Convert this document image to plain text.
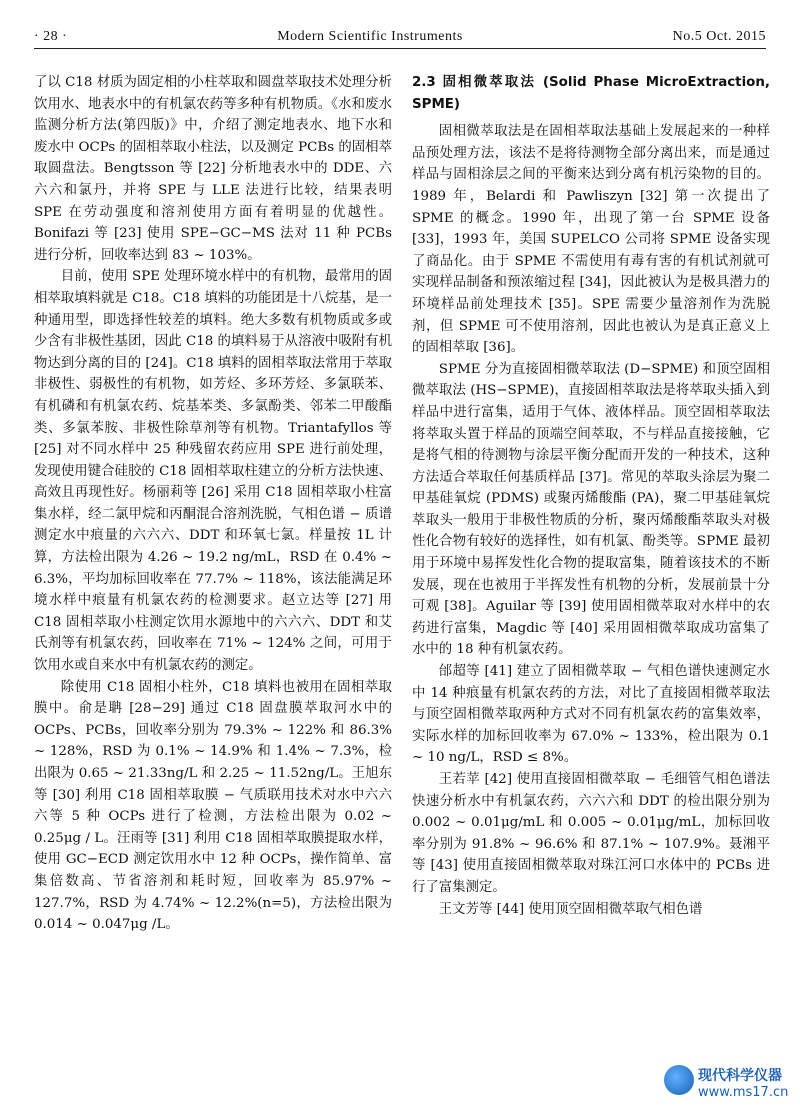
· 28 ·	Modern Scientific Instruments	No.5 Oct. 2015

了以 C18 材质为固定相的小柱萃取和圆盘萃取技术处理分析饮用水、地表水中的有机氯农药等多种有机物质。《水和废水监测分析方法(第四版)》中，介绍了测定地表水、地下水和废水中 OCPs 的固相萃取小柱法，以及测定 PCBs 的固相萃取圆盘法。Bengtsson 等 [22] 分析地表水中的 DDE、六六六和氯丹，并将 SPE 与 LLE 法进行比较，结果表明 SPE 在劳动强度和溶剂使用方面有着明显的优越性。Bonifazi 等 [23] 使用 SPE−GC−MS 法对 11 种 PCBs 进行分析，回收率达到 83 ~ 103%。

目前，使用 SPE 处理环境水样中的有机物，最常用的固相萃取填料就是 C18。C18 填料的功能团是十八烷基，是一种通用型，即选择性较差的填料。绝大多数有机物质或多或少含有非极性基团，因此 C18 的填料易于从溶液中吸附有机物达到分离的目的 [24]。C18 填料的固相萃取法常用于萃取非极性、弱极性的有机物，如芳烃、多环芳烃、多氯联苯、有机磷和有机氯农药、烷基苯类、多氯酚类、邻苯二甲酸酯类、多氯苯胺、非极性除草剂等有机物。Triantafyllos 等 [25] 对不同水样中 25 种残留农药应用 SPE 进行前处理，发现使用键合硅胶的 C18 固相萃取柱建立的分析方法快速、高效且再现性好。杨丽莉等 [26] 采用 C18 固相萃取小柱富集水样，经二氯甲烷和丙酮混合溶剂洗脱，气相色谱 − 质谱测定水中痕量的六六六、DDT 和环氧七氯。样量按 1L 计算，方法检出限为 4.26 ~ 19.2 ng/mL，RSD 在 0.4% ~ 6.3%，平均加标回收率在 77.7% ~ 118%，该法能满足环境水样中痕量有机氯农药的检测要求。赵立达等 [27] 用 C18 固相萃取小柱测定饮用水源地中的六六六、DDT 和艾氏剂等有机氯农药，回收率在 71% ~ 124% 之间，可用于饮用水或自来水中有机氯农药的测定。

除使用 C18 固相小柱外，C18 填料也被用在固相萃取膜中。俞是聃 [28−29] 通过 C18 固盘膜萃取河水中的 OCPs、PCBs，回收率分别为 79.3% ~ 122% 和 86.3% ~ 128%，RSD 为 0.1% ~ 14.9% 和 1.4% ~ 7.3%，检出限为 0.65 ~ 21.33ng/L 和 2.25 ~ 11.52ng/L。王旭东等 [30] 利用 C18 固相萃取膜 − 气质联用技术对水中六六六等 5 种 OCPs 进行了检测，方法检出限为 0.02 ~ 0.25μg / L。汪雨等 [31] 利用 C18 固相萃取膜提取水样，使用 GC−ECD 测定饮用水中 12 种 OCPs，操作简单、富集倍数高、节省溶剂和耗时短，回收率为 85.97% ~ 127.7%，RSD 为 4.74% ~ 12.2%(n=5)，方法检出限为 0.014 ~ 0.047μg /L。

2.3 固相微萃取法 (Solid Phase MicroExtraction, SPME)

固相微萃取法是在固相萃取法基础上发展起来的一种样品预处理方法，该法不是将待测物全部分离出来，而是通过样品与固相涂层之间的平衡来达到分离有机污染物的目的。1989 年，Belardi 和 Pawliszyn [32] 第一次提出了 SPME 的概念。1990 年，出现了第一台 SPME 设备 [33]，1993 年，美国 SUPELCO 公司将 SPME 设备实现了商品化。由于 SPME 不需使用有毒有害的有机试剂就可实现样品制备和预浓缩过程 [34]，因此被认为是极具潜力的环境样品前处理技术 [35]。SPE 需要少量溶剂作为洗脱剂，但 SPME 可不使用溶剂，因此也被认为是真正意义上的固相萃取 [36]。

SPME 分为直接固相微萃取法 (D−SPME) 和顶空固相微萃取法 (HS−SPME)，直接固相萃取法是将萃取头插入到样品中进行富集，适用于气体、液体样品。顶空固相萃取法将萃取头置于样品的顶端空间萃取，不与样品直接接触，它是将气相的待测物与涂层平衡分配而开发的一种技术，这种方法适合萃取任何基质样品 [37]。常见的萃取头涂层为聚二甲基硅氧烷 (PDMS) 或聚丙烯酸酯 (PA)，聚二甲基硅氧烷萃取头一般用于非极性物质的分析，聚丙烯酸酯萃取头对极性化合物有较好的选择性，如有机氯、酚类等。SPME 最初用于环境中易挥发性化合物的提取富集，随着该技术的不断发展，现在也被用于半挥发性有机物的分析，发展前景十分可观 [38]。Aguilar 等 [39] 使用固相微萃取对水样中的农药进行富集，Magdic 等 [40] 采用固相微萃取成功富集了水中的 18 种有机氯农药。

邰超等 [41] 建立了固相微萃取 − 气相色谱快速测定水中 14 种痕量有机氯农药的方法，对比了直接固相微萃取法与顶空固相微萃取两种方式对不同有机氯农药的富集效率，实际水样的加标回收率为 67.0% ~ 133%，检出限为 0.1 ~ 10 ng/L，RSD ≤ 8%。

王若苹 [42] 使用直接固相微萃取 − 毛细管气相色谱法快速分析水中有机氯农药，六六六和 DDT 的检出限分别为 0.002 ~ 0.01μg/mL 和 0.005 ~ 0.01μg/mL，加标回收率分别为 91.8% ~ 96.6% 和 87.1% ~ 107.9%。聂湘平等 [43] 使用直接固相微萃取对珠江河口水体中的 PCBs 进行了富集测定。

王文芳等 [44] 使用顶空固相微萃取气相色谱

现代科学仪器
www.ms17.cn
